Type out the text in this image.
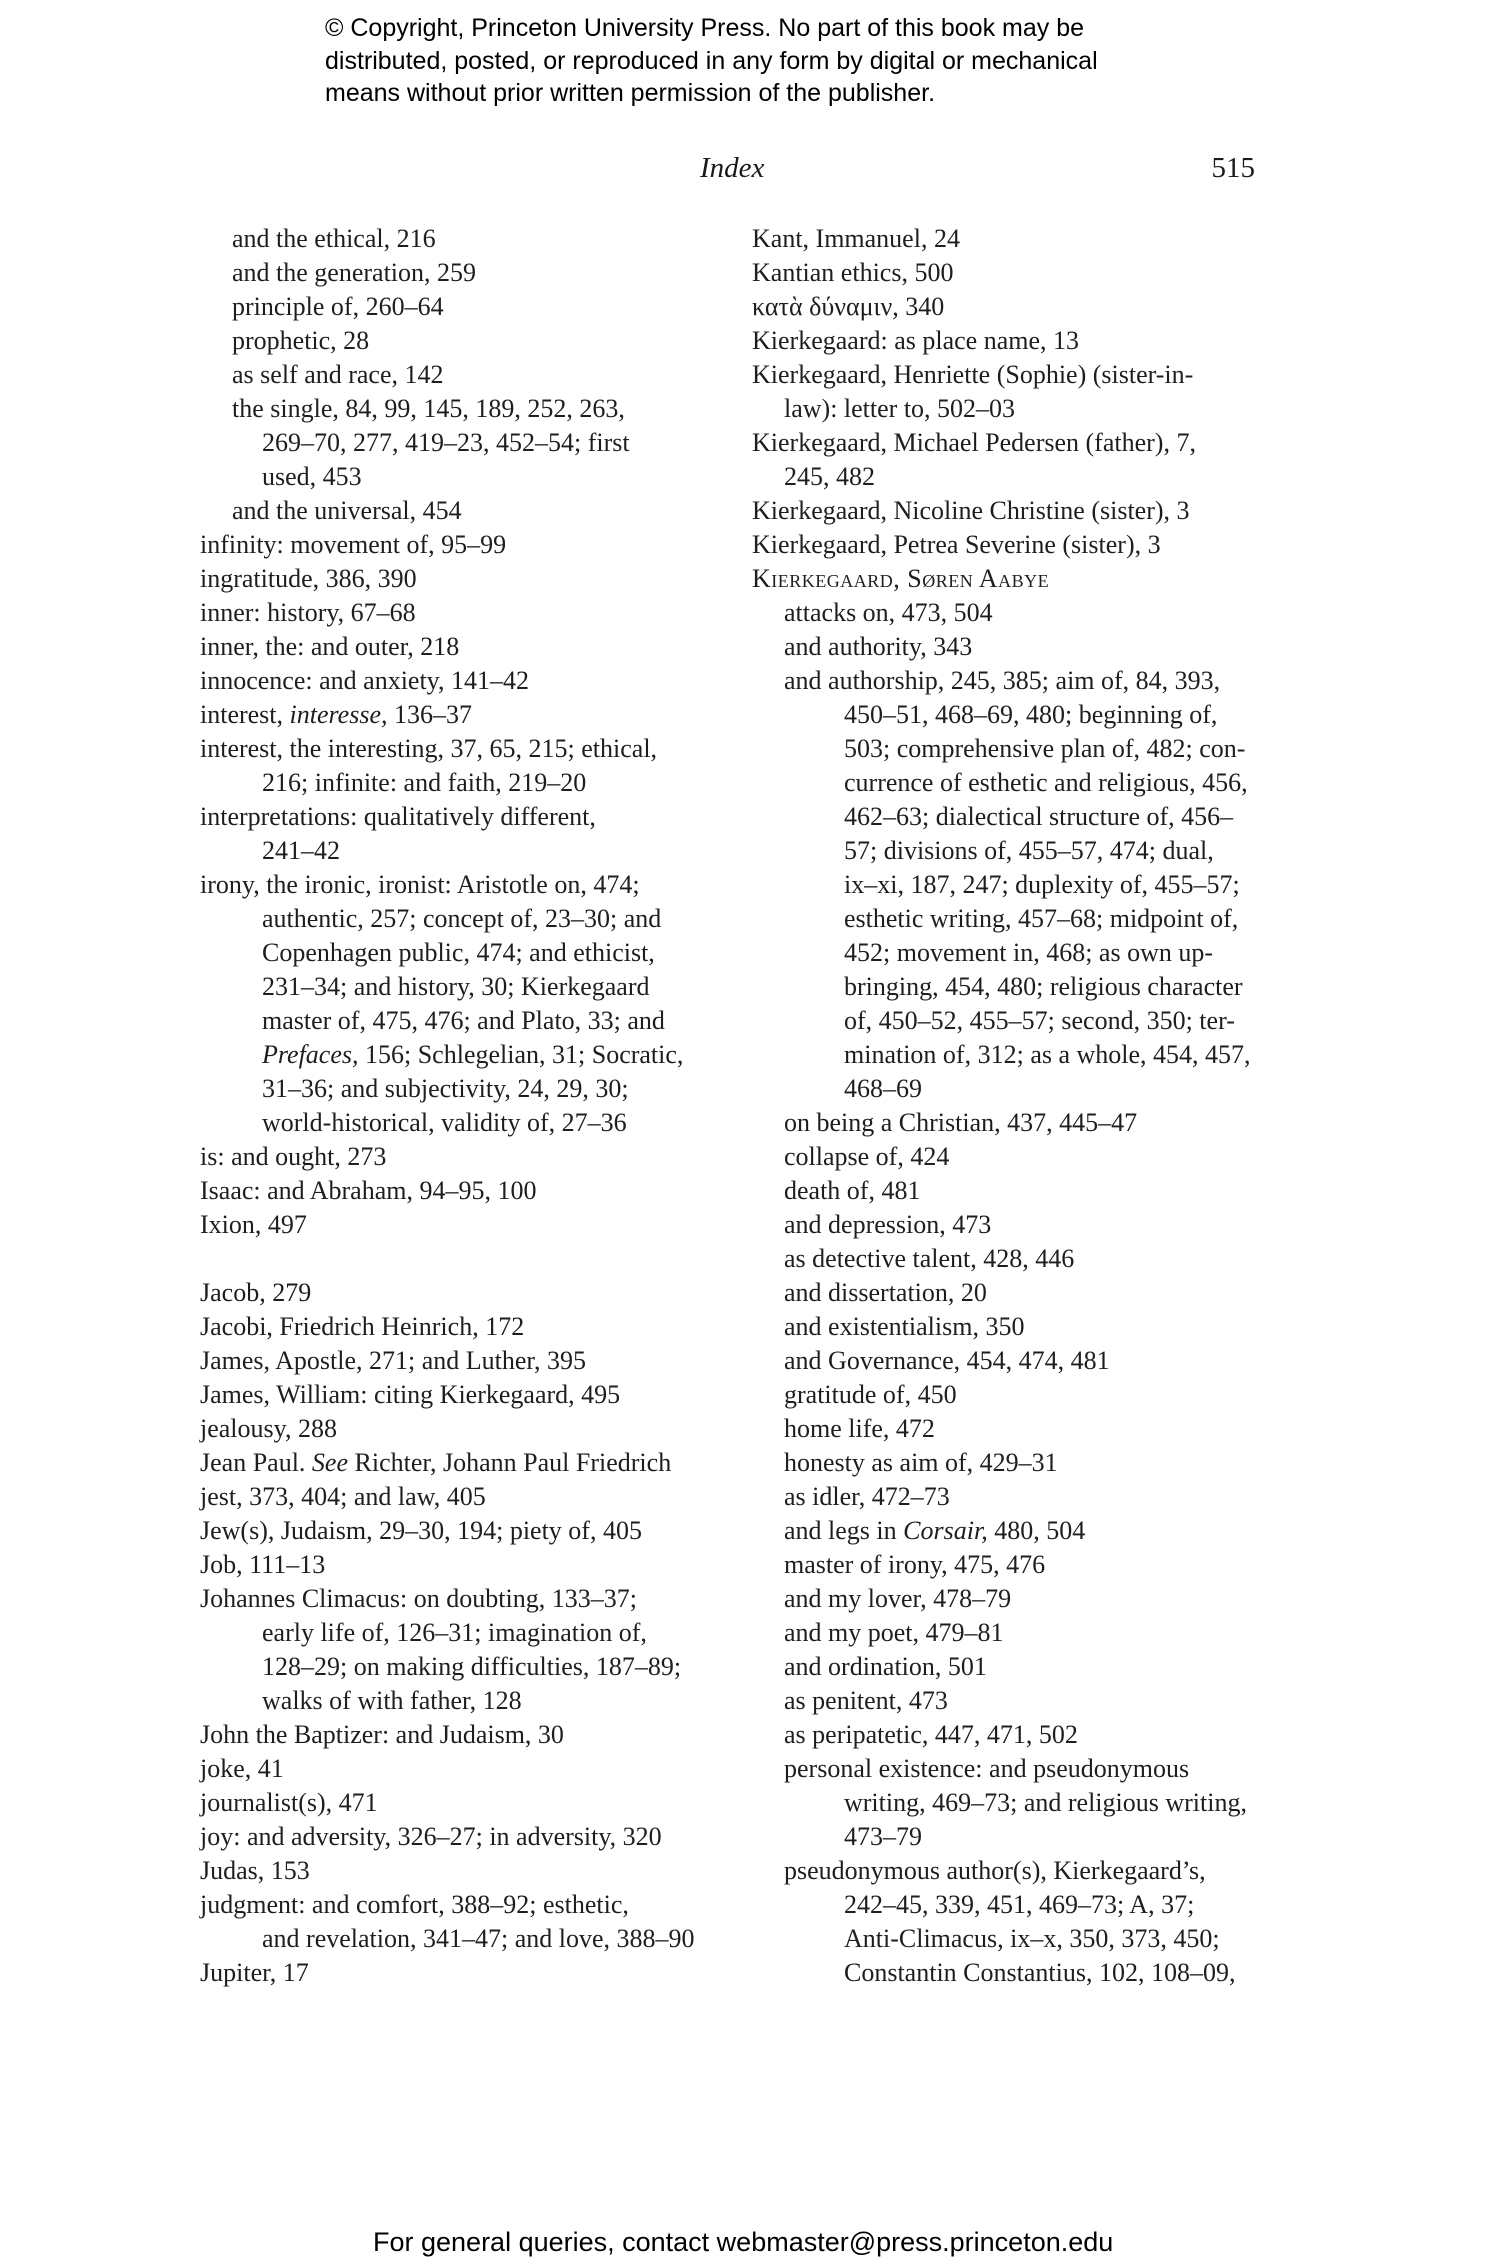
© Copyright, Princeton University Press. No part of this book may be
distributed, posted, or reproduced in any form by digital or mechanical
means without prior written permission of the publisher.
Index	515
and the ethical, 216
and the generation, 259
principle of, 260–64
prophetic, 28
as self and race, 142
the single, 84, 99, 145, 189, 252, 263,
269–70, 277, 419–23, 452–54; first
used, 453
and the universal, 454
infinity: movement of, 95–99
ingratitude, 386, 390
inner: history, 67–68
inner, the: and outer, 218
innocence: and anxiety, 141–42
interest, interesse, 136–37
interest, the interesting, 37, 65, 215; ethical,
216; infinite: and faith, 219–20
interpretations: qualitatively different,
241–42
irony, the ironic, ironist: Aristotle on, 474;
authentic, 257; concept of, 23–30; and
Copenhagen public, 474; and ethicist,
231–34; and history, 30; Kierkegaard
master of, 475, 476; and Plato, 33; and
Prefaces, 156; Schlegelian, 31; Socratic,
31–36; and subjectivity, 24, 29, 30;
world-historical, validity of, 27–36
is: and ought, 273
Isaac: and Abraham, 94–95, 100
Ixion, 497
Jacob, 279
Jacobi, Friedrich Heinrich, 172
James, Apostle, 271; and Luther, 395
James, William: citing Kierkegaard, 495
jealousy, 288
Jean Paul. See Richter, Johann Paul Friedrich
jest, 373, 404; and law, 405
Jew(s), Judaism, 29–30, 194; piety of, 405
Job, 111–13
Johannes Climacus: on doubting, 133–37;
early life of, 126–31; imagination of,
128–29; on making difficulties, 187–89;
walks of with father, 128
John the Baptizer: and Judaism, 30
joke, 41
journalist(s), 471
joy: and adversity, 326–27; in adversity, 320
Judas, 153
judgment: and comfort, 388–92; esthetic,
and revelation, 341–47; and love, 388–90
Jupiter, 17
Kant, Immanuel, 24
Kantian ethics, 500
κατὰ δύναμιν, 340
Kierkegaard: as place name, 13
Kierkegaard, Henriette (Sophie) (sister-in-
law): letter to, 502–03
Kierkegaard, Michael Pedersen (father), 7,
245, 482
Kierkegaard, Nicoline Christine (sister), 3
Kierkegaard, Petrea Severine (sister), 3
Kierkegaard, Søren Aabye
attacks on, 473, 504
and authority, 343
and authorship, 245, 385; aim of, 84, 393,
450–51, 468–69, 480; beginning of,
503; comprehensive plan of, 482; con-
currence of esthetic and religious, 456,
462–63; dialectical structure of, 456–
57; divisions of, 455–57, 474; dual,
ix–xi, 187, 247; duplexity of, 455–57;
esthetic writing, 457–68; midpoint of,
452; movement in, 468; as own up-
bringing, 454, 480; religious character
of, 450–52, 455–57; second, 350; ter-
mination of, 312; as a whole, 454, 457,
468–69
on being a Christian, 437, 445–47
collapse of, 424
death of, 481
and depression, 473
as detective talent, 428, 446
and dissertation, 20
and existentialism, 350
and Governance, 454, 474, 481
gratitude of, 450
home life, 472
honesty as aim of, 429–31
as idler, 472–73
and legs in Corsair, 480, 504
master of irony, 475, 476
and my lover, 478–79
and my poet, 479–81
and ordination, 501
as penitent, 473
as peripatetic, 447, 471, 502
personal existence: and pseudonymous
writing, 469–73; and religious writing,
473–79
pseudonymous author(s), Kierkegaard’s,
242–45, 339, 451, 469–73; A, 37;
Anti-Climacus, ix–x, 350, 373, 450;
Constantin Constantius, 102, 108–09,
For general queries, contact webmaster@press.princeton.edu
